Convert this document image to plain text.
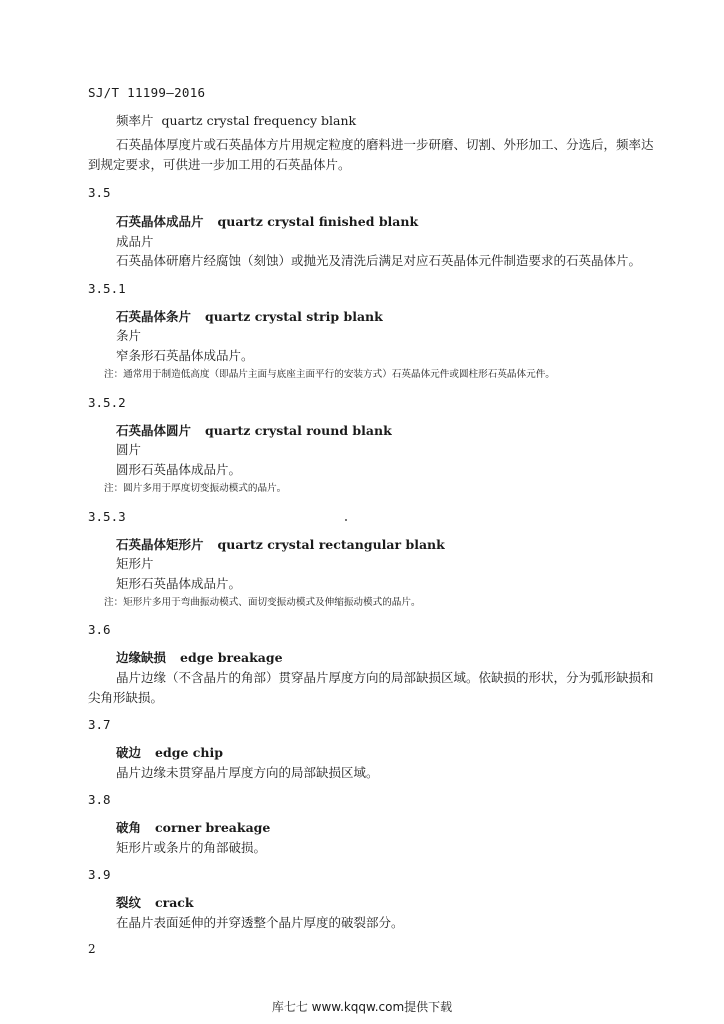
SJ/T 11199—2016
频率片 quartz crystal frequency blank
石英晶体厚度片或石英晶体方片用规定粒度的磨料进一步研磨、切割、外形加工、分选后，频率达
到规定要求，可供进一步加工用的石英晶体片。
3.5
石英晶体成品片 quartz crystal finished blank
成品片
石英晶体研磨片经腐蚀（刻蚀）或抛光及清洗后满足对应石英晶体元件制造要求的石英晶体片。
3.5.1
石英晶体条片 quartz crystal strip blank
条片
窄条形石英晶体成品片。
注：通常用于制造低高度（即晶片主面与底座主面平行的安装方式）石英晶体元件或圆柱形石英晶体元件。
3.5.2
石英晶体圆片 quartz crystal round blank
圆片
圆形石英晶体成品片。
注：圆片多用于厚度切变振动模式的晶片。
3.5.3
石英晶体矩形片 quartz crystal rectangular blank
矩形片
矩形石英晶体成品片。
注：矩形片多用于弯曲振动模式、面切变振动模式及伸缩振动模式的晶片。
3.6
边缘缺损 edge breakage
晶片边缘（不含晶片的角部）贯穿晶片厚度方向的局部缺损区域。依缺损的形状，分为弧形缺损和
尖角形缺损。
3.7
破边 edge chip
晶片边缘未贯穿晶片厚度方向的局部缺损区域。
3.8
破角 corner breakage
矩形片或条片的角部破损。
3.9
裂纹 crack
在晶片表面延伸的并穿透整个晶片厚度的破裂部分。
2
库七七 www.kqqw.com提供下载
